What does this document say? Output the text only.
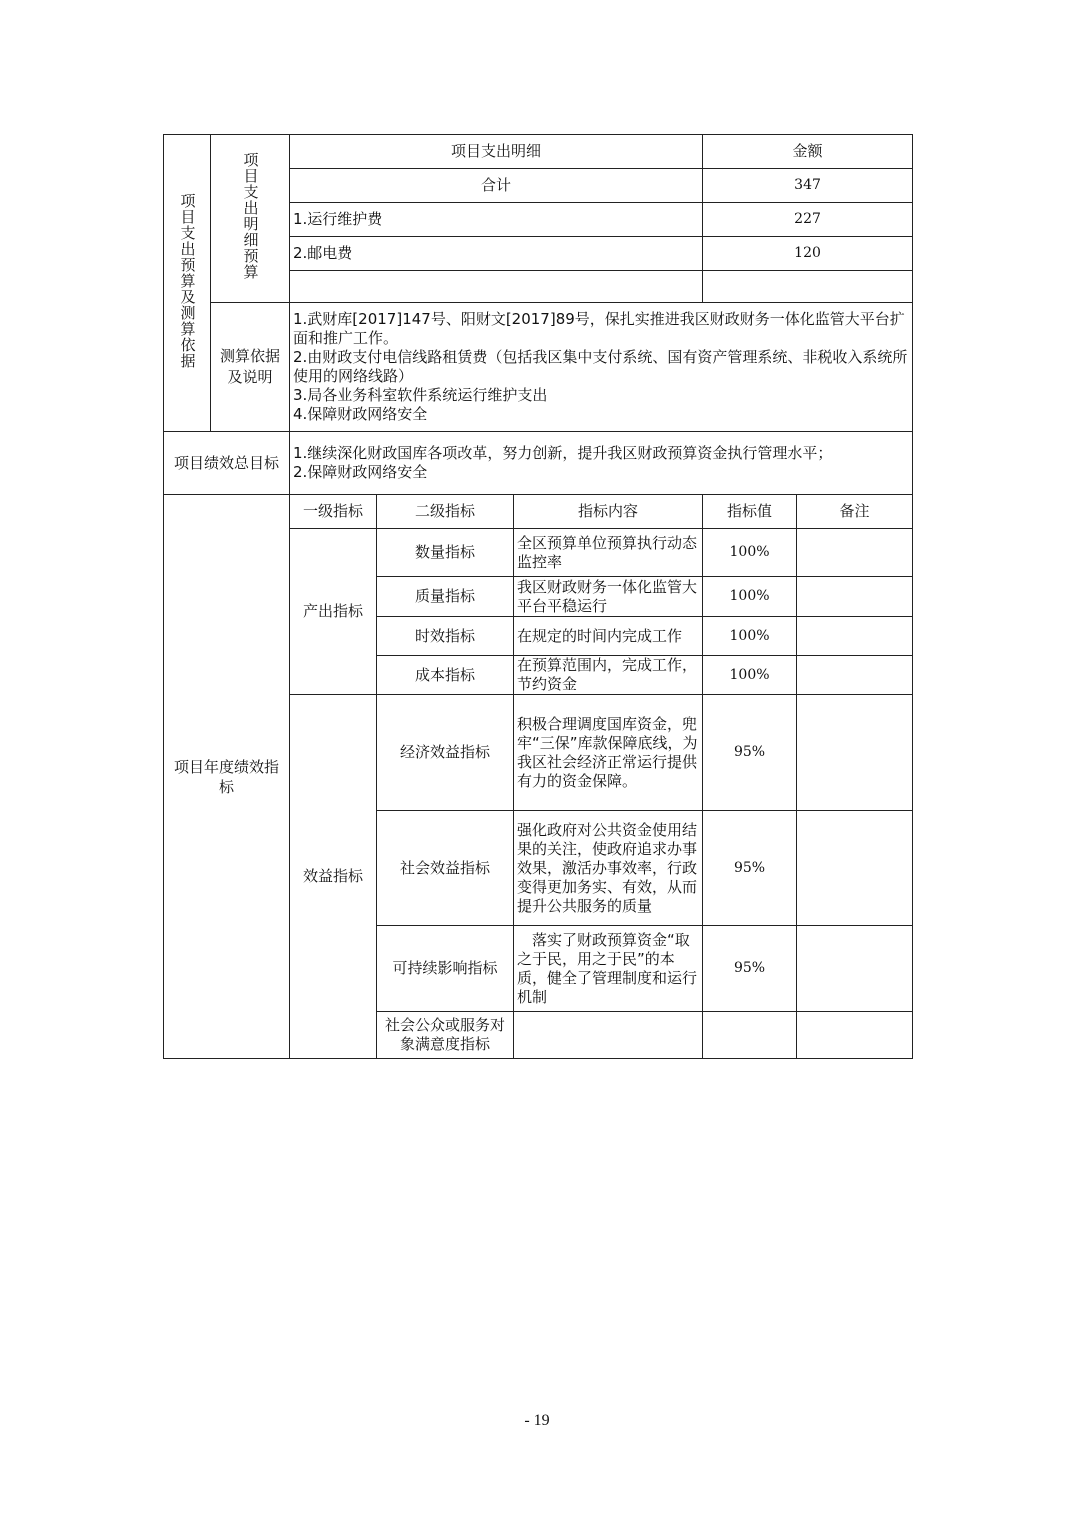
项目支出预算及测算依据	项目支出明细预算	项目支出明细			金额	
		合计			347	
		1.运行维护费			227	
		2.邮电费			120	

	测算依据及说明	1.武财库[2017]147号、阳财文[2017]89号，保扎实推进我区财政财务一体化监管大平台扩面和推广工作。
2.由财政支付电信线路租赁费（包括我区集中支付系统、国有资产管理系统、非税收入系统所使用的网络线路）
3.局各业务科室软件系统运行维护支出
4.保障财政网络安全				

项目绩效总目标		1.继续深化财政国库各项改革，努力创新，提升我区财政预算资金执行管理水平；
2.保障财政网络安全				

项目年度绩效指标		一级指标	二级指标	指标内容	指标值	备注
		产出指标	数量指标	全区预算单位预算执行动态监控率	100%	
			质量指标	我区财政财务一体化监管大平台平稳运行	100%	
			时效指标	在规定的时间内完成工作	100%	
			成本指标	在预算范围内，完成工作，节约资金	100%	
		效益指标	经济效益指标	积极合理调度国库资金，兜牢“三保”库款保障底线，为我区社会经济正常运行提供有力的资金保障。	95%	
			社会效益指标	强化政府对公共资金使用结果的关注，使政府追求办事效果，激活办事效率，行政变得更加务实、有效，从而提升公共服务的质量	95%	
			可持续影响指标	　落实了财政预算资金“取之于民，用之于民”的本质，健全了管理制度和运行机制	95%	
			社会公众或服务对象满意度指标			
- 19
